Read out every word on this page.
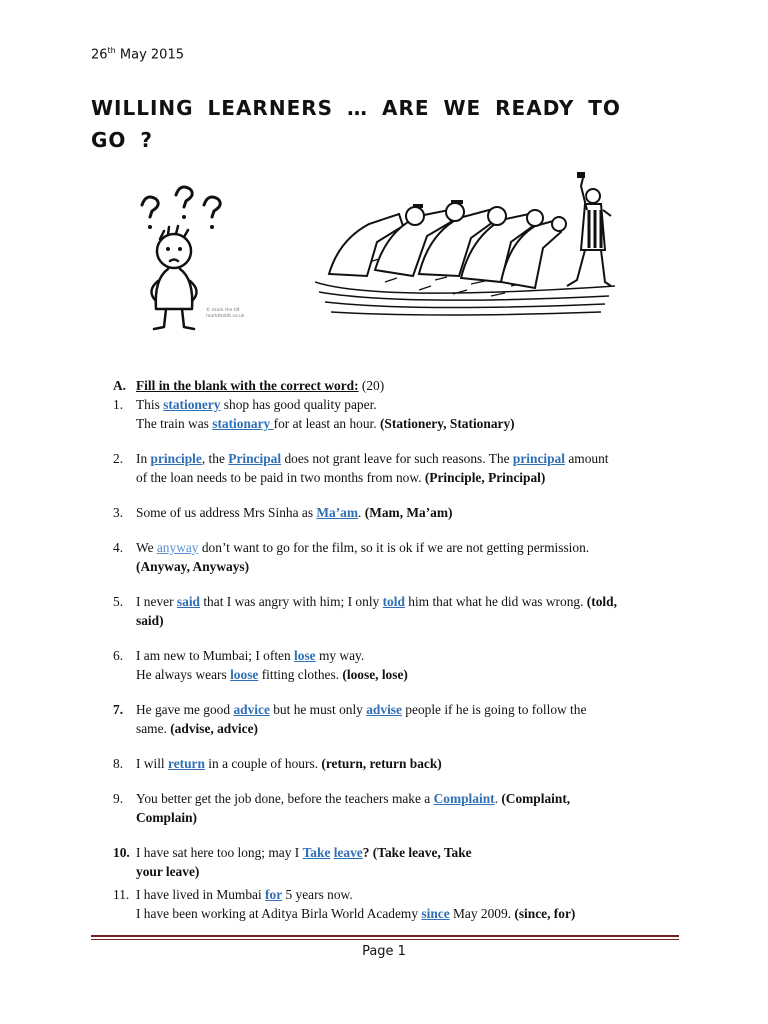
26th May 2015
WILLING LEARNERS … ARE WE READY TO GO ?
© mark the tilt
markthetilt.co.uk
A. Fill in the blank with the correct word: (20)
1. This stationery shop has good quality paper.
The train was stationary for at least an hour. (Stationery, Stationary)
2. In principle, the Principal does not grant leave for such reasons. The principal amount
of the loan needs to be paid in two months from now. (Principle, Principal)
3. Some of us address Mrs Sinha as Ma’am. (Mam, Ma’am)
4. We anyway don’t want to go for the film, so it is ok if we are not getting permission.
(Anyway, Anyways)
5. I never said that I was angry with him; I only told him that what he did was wrong. (told,
said)
6. I am new to Mumbai; I often lose my way.
He always wears loose fitting clothes. (loose, lose)
7. He gave me good advice but he must only advise people if he is going to follow the
same. (advise, advice)
8. I will return in a couple of hours. (return, return back)
9. You better get the job done, before the teachers make a Complaint. (Complaint,
Complain)
10. I have sat here too long; may I Take leave? (Take leave, Take
your leave)
11. I have lived in Mumbai for 5 years now.
I have been working at Aditya Birla World Academy since May 2009. (since, for)
Page 1
